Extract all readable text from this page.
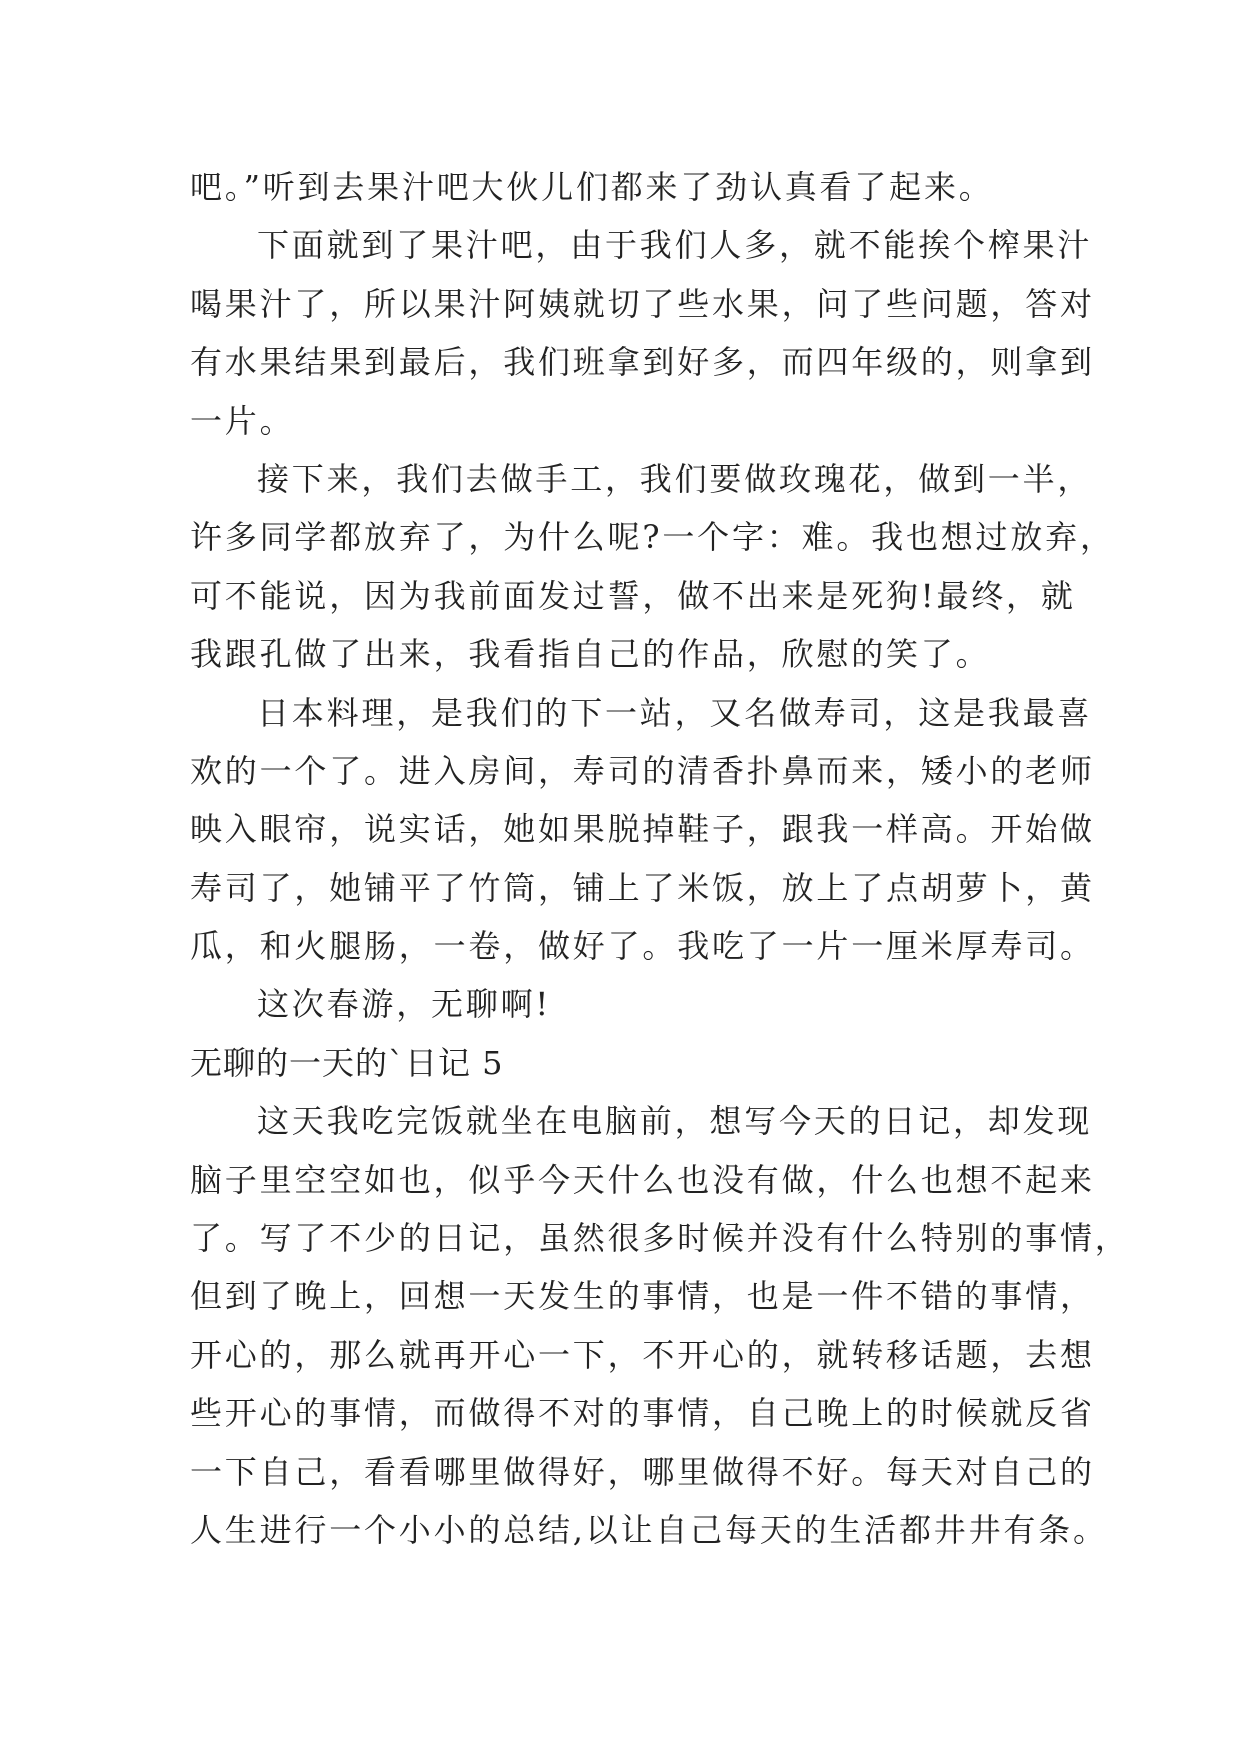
吧。”听到去果汁吧大伙儿们都来了劲认真看了起来。
下面就到了果汁吧，由于我们人多，就不能挨个榨果汁
喝果汁了，所以果汁阿姨就切了些水果，问了些问题，答对
有水果结果到最后，我们班拿到好多，而四年级的，则拿到
一片。
接下来，我们去做手工，我们要做玫瑰花，做到一半，
许多同学都放弃了，为什么呢?一个字：难。我也想过放弃，
可不能说，因为我前面发过誓，做不出来是死狗!最终，就
我跟孔做了出来，我看指自己的作品，欣慰的笑了。
日本料理，是我们的下一站，又名做寿司，这是我最喜
欢的一个了。进入房间，寿司的清香扑鼻而来，矮小的老师
映入眼帘，说实话，她如果脱掉鞋子，跟我一样高。开始做
寿司了，她铺平了竹筒，铺上了米饭，放上了点胡萝卜，黄
瓜，和火腿肠，一卷，做好了。我吃了一片一厘米厚寿司。
这次春游，无聊啊!
无聊的一天的`日记 5
这天我吃完饭就坐在电脑前，想写今天的日记，却发现
脑子里空空如也，似乎今天什么也没有做，什么也想不起来
了。写了不少的日记，虽然很多时候并没有什么特别的事情，
但到了晚上，回想一天发生的事情，也是一件不错的事情，
开心的，那么就再开心一下，不开心的，就转移话题，去想
些开心的事情，而做得不对的事情，自己晚上的时候就反省
一下自己，看看哪里做得好，哪里做得不好。每天对自己的
人生进行一个小小的总结,以让自己每天的生活都井井有条。
